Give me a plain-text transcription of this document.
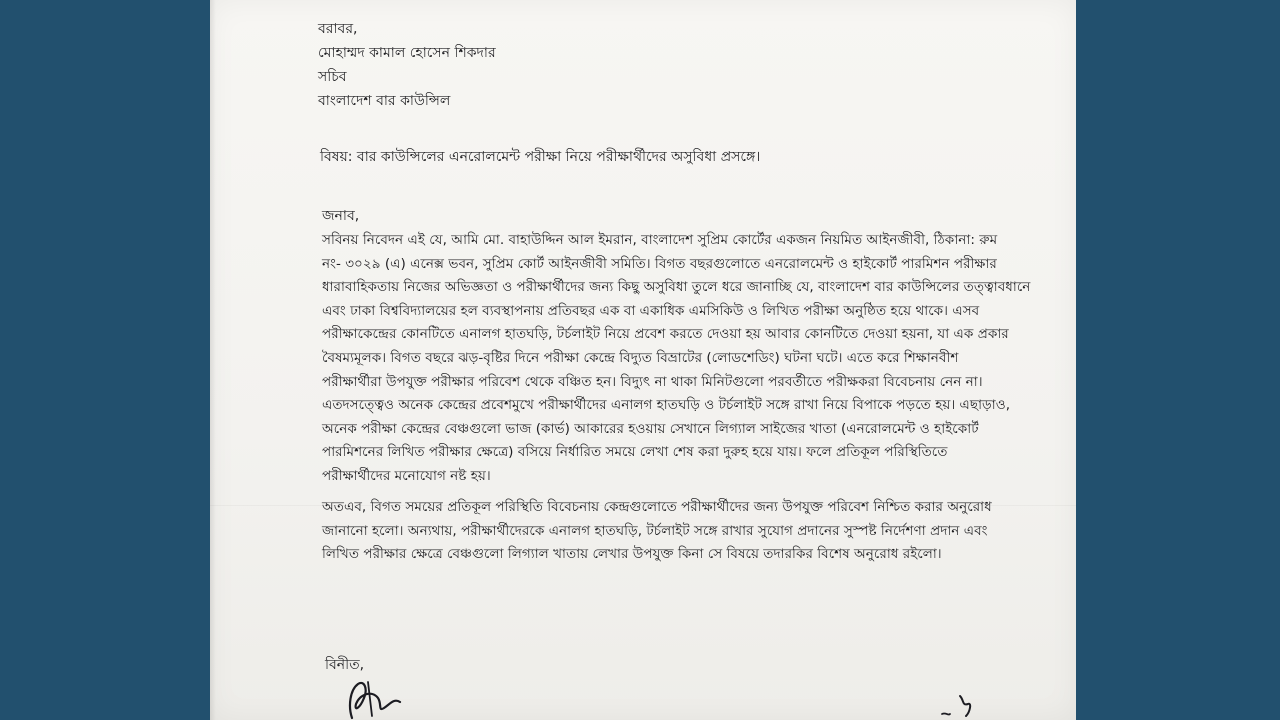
বরাবর,
মোহাম্মদ কামাল হোসেন শিকদার
সচিব
বাংলাদেশ বার কাউন্সিল
বিষয়: বার কাউন্সিলের এনরোলমেন্ট পরীক্ষা নিয়ে পরীক্ষার্থীদের অসুবিধা প্রসঙ্গে।
জনাব,
সবিনয় নিবেদন এই যে, আমি মো. বাহাউদ্দিন আল ইমরান, বাংলাদেশ সুপ্রিম কোর্টের একজন নিয়মিত আইনজীবী, ঠিকানা: রুম
নং- ৩০২৯ (এ) এনেক্স ভবন, সুপ্রিম কোর্ট আইনজীবী সমিতি। বিগত বছরগুলোতে এনরোলমেন্ট ও হাইকোর্ট পারমিশন পরীক্ষার
ধারাবাহিকতায় নিজের অভিজ্ঞতা ও পরীক্ষার্থীদের জন্য কিছু অসুবিধা তুলে ধরে জানাচ্ছি যে, বাংলাদেশ বার কাউন্সিলের তত্ত্বাবধানে
এবং ঢাকা বিশ্ববিদ্যালয়ের হল ব্যবস্থাপনায় প্রতিবছর এক বা একাধিক এমসিকিউ ও লিখিত পরীক্ষা অনুষ্ঠিত হয়ে থাকে। এসব
পরীক্ষাকেন্দ্রের কোনটিতে এনালগ হাতঘড়ি, টর্চলাইট নিয়ে প্রবেশ করতে দেওয়া হয় আবার কোনটিতে দেওয়া হয়না, যা এক প্রকার
বৈষম্যমূলক। বিগত বছরে ঝড়-বৃষ্টির দিনে পরীক্ষা কেন্দ্রে বিদ্যুত বিভ্রাটের (লোডশেডিং) ঘটনা ঘটে। এতে করে শিক্ষানবীশ
পরীক্ষার্থীরা উপযুক্ত পরীক্ষার পরিবেশ থেকে বঞ্চিত হন। বিদ্যুৎ না থাকা মিনিটগুলো পরবর্তীতে পরীক্ষকরা বিবেচনায় নেন না।
এতদসত্ত্বেও অনেক কেন্দ্রের প্রবেশমুখে পরীক্ষার্থীদের এনালগ হাতঘড়ি ও টর্চলাইট সঙ্গে রাখা নিয়ে বিপাকে পড়তে হয়। এছাড়াও,
অনেক পরীক্ষা কেন্দ্রের বেঞ্চগুলো ভাজ (কার্ভ) আকারের হওয়ায় সেখানে লিগ্যাল সাইজের খাতা (এনরোলমেন্ট ও হাইকোর্ট
পারমিশনের লিখিত পরীক্ষার ক্ষেত্রে) বসিয়ে নির্ধারিত সময়ে লেখা শেষ করা দুরুহ হয়ে যায়। ফলে প্রতিকূল পরিস্থিতিতে
পরীক্ষার্থীদের মনোযোগ নষ্ট হয়।
অতএব, বিগত সময়ের প্রতিকূল পরিস্থিতি বিবেচনায় কেন্দ্রগুলোতে পরীক্ষার্থীদের জন্য উপযুক্ত পরিবেশ নিশ্চিত করার অনুরোধ
জানানো হলো। অন্যথায়, পরীক্ষার্থীদেরকে এনালগ হাতঘড়ি, টর্চলাইট সঙ্গে রাখার সুযোগ প্রদানের সুস্পষ্ট নির্দেশণা প্রদান এবং
লিখিত পরীক্ষার ক্ষেত্রে বেঞ্চগুলো লিগ্যাল খাতায় লেখার উপযুক্ত কিনা সে বিষয়ে তদারকির বিশেষ অনুরোধ রইলো।
বিনীত,
